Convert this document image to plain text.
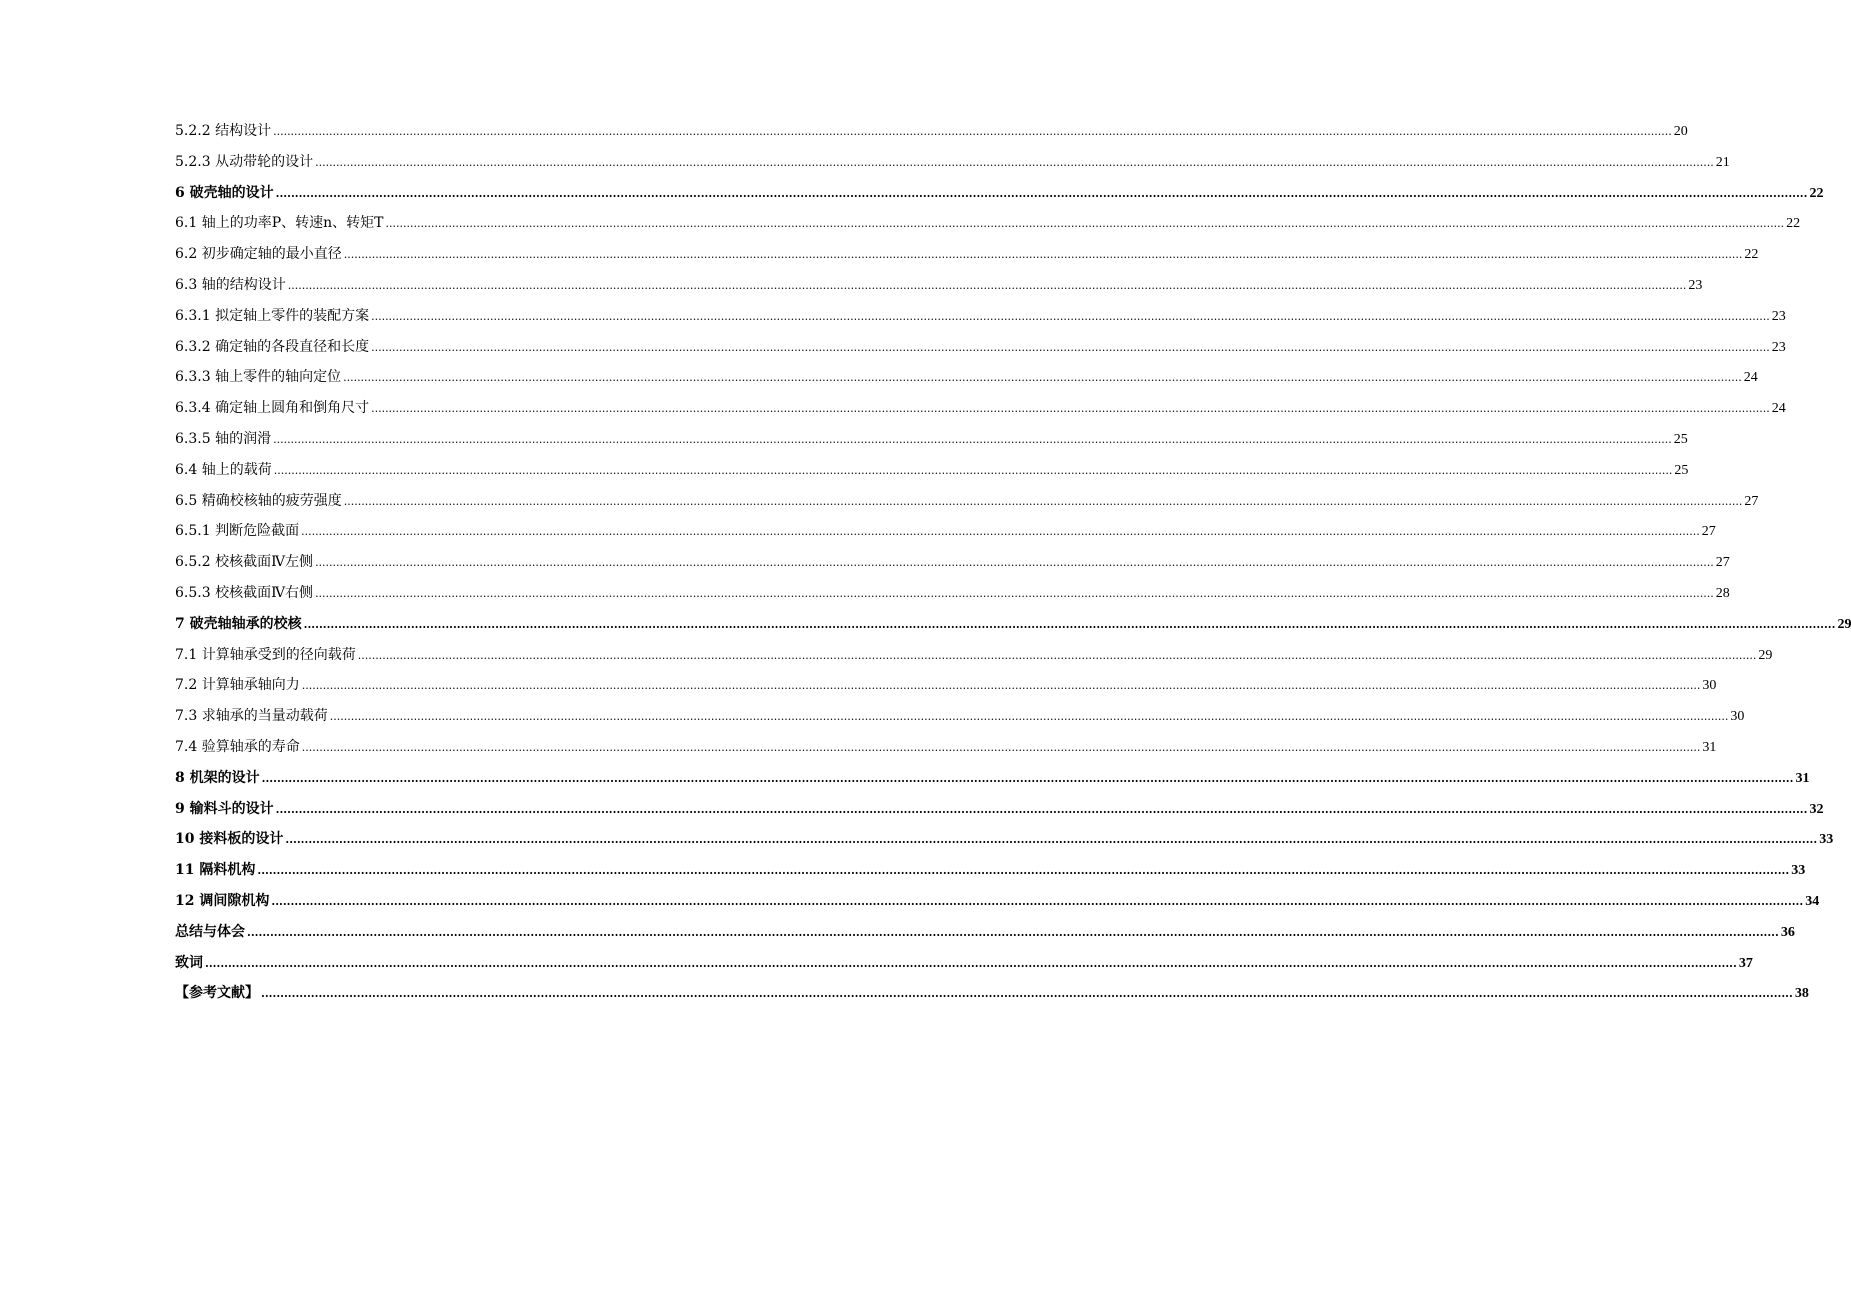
5.2.2 结构设计 ................................................................................................................................................................................................................................................................................................................................................................................................................ 20
5.2.3 从动带轮的设计 ................................................................................................................................................................................................................................................................................................................................................................................................................ 21
6 破壳轴的设计 ................................................................................................................................................................................................................................................................................................................................................................................................................ 22
6.1 轴上的功率P、转速n、转矩T ................................................................................................................................................................................................................................................................................................................................................................................................................ 22
6.2 初步确定轴的最小直径 ................................................................................................................................................................................................................................................................................................................................................................................................................ 22
6.3 轴的结构设计 ................................................................................................................................................................................................................................................................................................................................................................................................................ 23
6.3.1 拟定轴上零件的装配方案 ................................................................................................................................................................................................................................................................................................................................................................................................................ 23
6.3.2 确定轴的各段直径和长度 ................................................................................................................................................................................................................................................................................................................................................................................................................ 23
6.3.3 轴上零件的轴向定位 ................................................................................................................................................................................................................................................................................................................................................................................................................ 24
6.3.4 确定轴上圆角和倒角尺寸 ................................................................................................................................................................................................................................................................................................................................................................................................................ 24
6.3.5 轴的润滑 ................................................................................................................................................................................................................................................................................................................................................................................................................ 25
6.4 轴上的载荷 ................................................................................................................................................................................................................................................................................................................................................................................................................ 25
6.5 精确校核轴的疲劳强度 ................................................................................................................................................................................................................................................................................................................................................................................................................ 27
6.5.1 判断危险截面 ................................................................................................................................................................................................................................................................................................................................................................................................................ 27
6.5.2 校核截面Ⅳ左侧 ................................................................................................................................................................................................................................................................................................................................................................................................................ 27
6.5.3 校核截面Ⅳ右侧 ................................................................................................................................................................................................................................................................................................................................................................................................................ 28
7 破壳轴轴承的校核 ................................................................................................................................................................................................................................................................................................................................................................................................................ 29
7.1 计算轴承受到的径向载荷 ................................................................................................................................................................................................................................................................................................................................................................................................................ 29
7.2 计算轴承轴向力 ................................................................................................................................................................................................................................................................................................................................................................................................................ 30
7.3 求轴承的当量动载荷 ................................................................................................................................................................................................................................................................................................................................................................................................................ 30
7.4 验算轴承的寿命 ................................................................................................................................................................................................................................................................................................................................................................................................................ 31
8 机架的设计 ................................................................................................................................................................................................................................................................................................................................................................................................................ 31
9 输料斗的设计 ................................................................................................................................................................................................................................................................................................................................................................................................................ 32
10 接料板的设计 ................................................................................................................................................................................................................................................................................................................................................................................................................ 33
11 隔料机构 ................................................................................................................................................................................................................................................................................................................................................................................................................ 33
12 调间隙机构 ................................................................................................................................................................................................................................................................................................................................................................................................................ 34
总结与体会 ................................................................................................................................................................................................................................................................................................................................................................................................................ 36
致词 ................................................................................................................................................................................................................................................................................................................................................................................................................ 37
【参考文献】 ................................................................................................................................................................................................................................................................................................................................................................................................................ 38
